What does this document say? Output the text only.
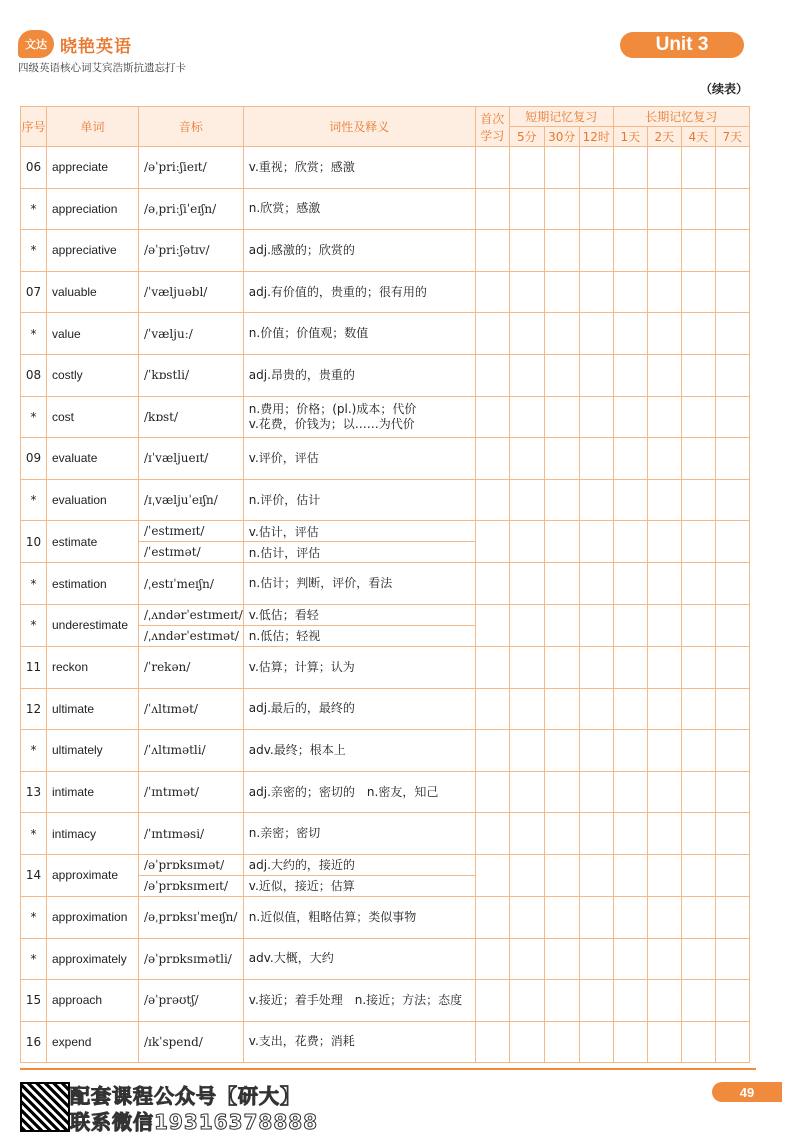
文达 晓艳英语
四级英语核心词艾宾浩斯抗遗忘打卡
Unit 3
（续表）
序号	单词	音标	词性及释义	首次学习	短期记忆复习			长期记忆复习			
					5分	30分	12时	1天	2天	4天	7天
06	appreciate	/əˈpriːʃieɪt/	v.重视；欣赏；感激								

*	appreciation	/əˌpriːʃiˈeɪʃn/	n.欣赏；感激								

*	appreciative	/əˈpriːʃətɪv/	adj.感激的；欣赏的								

07	valuable	/ˈvæljuəbl/	adj.有价值的，贵重的；很有用的								

*	value	/ˈvæljuː/	n.价值；价值观；数值								

08	costly	/ˈkɒstli/	adj.昂贵的，贵重的								

*	cost	/kɒst/	n.费用；价格；(pl.)成本；代价
v.花费，价钱为；以……为代价								

09	evaluate	/ɪˈvæljueɪt/	v.评价，评估								

*	evaluation	/ɪˌvæljuˈeɪʃn/	n.评价，估计								

10	estimate	/ˈestɪmeɪt/	v.估计，评估								
		/ˈestɪmət/	n.估计，评估								
*	estimation	/ˌestɪˈmeɪʃn/	n.估计；判断，评价，看法								

*	underestimate	/ˌʌndərˈestɪmeɪt/	v.低估；看轻								
		/ˌʌndərˈestɪmət/	n.低估；轻视								
11	reckon	/ˈrekən/	v.估算；计算；认为								

12	ultimate	/ˈʌltɪmət/	adj.最后的，最终的								

*	ultimately	/ˈʌltɪmətli/	adv.最终；根本上								

13	intimate	/ˈɪntɪmət/	adj.亲密的；密切的　n.密友，知己								

*	intimacy	/ˈɪntɪməsi/	n.亲密；密切								

14	approximate	/əˈprɒksɪmət/	adj.大约的，接近的								
		/əˈprɒksɪmeɪt/	v.近似，接近；估算								
*	approximation	/əˌprɒksɪˈmeɪʃn/	n.近似值，粗略估算；类似事物								

*	approximately	/əˈprɒksɪmətli/	adv.大概，大约								

15	approach	/əˈprəʊtʃ/	v.接近；着手处理　n.接近；方法；态度								

16	expend	/ɪkˈspend/	v.支出，花费；消耗								

配套课程公众号【研大】
联系微信19316378888
49
